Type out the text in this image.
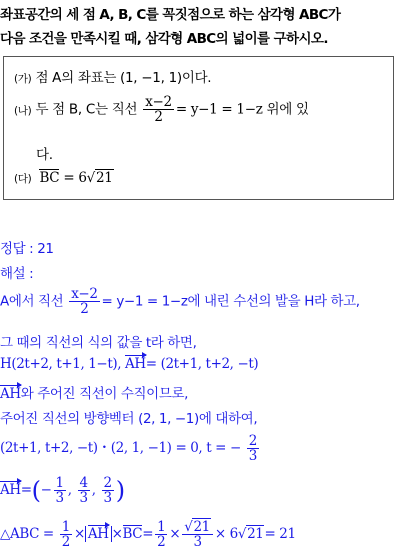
좌표공간의 세 점 A, B, C를 꼭짓점으로 하는 삼각형 ABC가
다음 조건을 만족시킬 때, 삼각형 ABC의 넓이를 구하시오.
(가) 점 A의 좌표는 (1, −1, 1)이다.
(나) 두 점 B, C는 직선 $\frac{x-2}{2} = y-1 = 1-z$ 위에 있
다.
(다) BC = 6√21
정답 : 21
해설 :
A에서 직선 $\frac{x-2}{2} = y-1 = 1-z$에 내린 수선의 발을 H라 하고,
그 때의 직선의 식의 값을 t라 하면,
H(2t+2, t+1, 1−t), AH= (2t+1, t+2, −t)
AH와 주어진 직선이 수직이므로,
주어진 직선의 방향벡터 (2, 1, −1)에 대하여,
(2t+1, t+2, −t)・(2, 1, −1) = 0, t = − $\frac{2}{3}$
$AH=(- \frac{1}{3}$ , $\frac{4}{3}$ , $\frac{2}{3}$ )
△ABC = $\frac{1}{2}$ × AH $\times BC= \frac{1}{2} \times \frac{√21}{3} \times 6√21= 21$
